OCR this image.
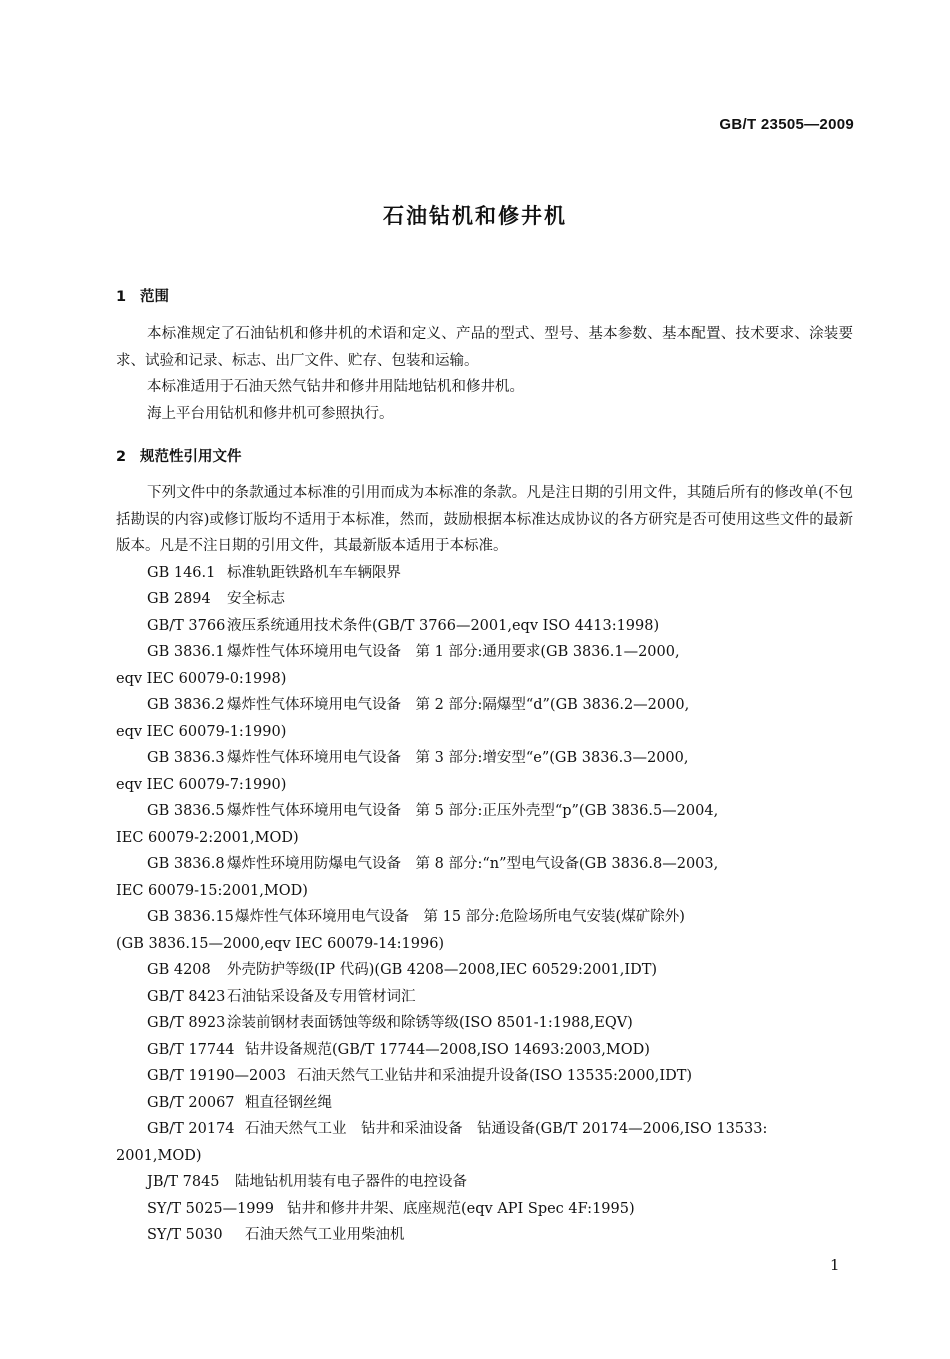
GB/T 23505—2009
石油钻机和修井机
1 范围

本标准规定了石油钻机和修井机的术语和定义、产品的型式、型号、基本参数、基本配置、技术要求、涂装要求、试验和记录、标志、出厂文件、贮存、包装和运输。

本标准适用于石油天然气钻井和修井用陆地钻机和修井机。

海上平台用钻机和修井机可参照执行。

2 规范性引用文件

下列文件中的条款通过本标准的引用而成为本标准的条款。凡是注日期的引用文件，其随后所有的修改单(不包括勘误的内容)或修订版均不适用于本标准，然而，鼓励根据本标准达成协议的各方研究是否可使用这些文件的最新版本。凡是不注日期的引用文件，其最新版本适用于本标准。

GB 146.1 标准轨距铁路机车车辆限界

GB 2894 安全标志

GB/T 3766 液压系统通用技术条件(GB/T 3766—2001,eqv ISO 4413:1998)

GB 3836.1 爆炸性气体环境用电气设备　第 1 部分:通用要求(GB 3836.1—2000,

eqv IEC 60079-0:1998)

GB 3836.2 爆炸性气体环境用电气设备　第 2 部分:隔爆型“d”(GB 3836.2—2000,

eqv IEC 60079-1:1990)

GB 3836.3 爆炸性气体环境用电气设备　第 3 部分:增安型“e”(GB 3836.3—2000,

eqv IEC 60079-7:1990)

GB 3836.5 爆炸性气体环境用电气设备　第 5 部分:正压外壳型“p”(GB 3836.5—2004,

IEC 60079-2:2001,MOD)

GB 3836.8 爆炸性环境用防爆电气设备　第 8 部分:“n”型电气设备(GB 3836.8—2003,

IEC 60079-15:2001,MOD)

GB 3836.15爆炸性气体环境用电气设备　第 15 部分:危险场所电气安装(煤矿除外)

(GB 3836.15—2000,eqv IEC 60079-14:1996)

GB 4208 外壳防护等级(IP 代码)(GB 4208—2008,IEC 60529:2001,IDT)

GB/T 8423 石油钻采设备及专用管材词汇

GB/T 8923 涂装前钢材表面锈蚀等级和除锈等级(ISO 8501-1:1988,EQV)

GB/T 17744 钻井设备规范(GB/T 17744—2008,ISO 14693:2003,MOD)

GB/T 19190—2003 石油天然气工业钻井和采油提升设备(ISO 13535:2000,IDT)

GB/T 20067 粗直径钢丝绳

GB/T 20174 石油天然气工业　钻井和采油设备　钻通设备(GB/T 20174—2006,ISO 13533:

2001,MOD)

JB/T 7845 陆地钻机用装有电子器件的电控设备

SY/T 5025—1999 钻井和修井井架、底座规范(eqv API Spec 4F:1995)

SY/T 5030 石油天然气工业用柴油机

1
